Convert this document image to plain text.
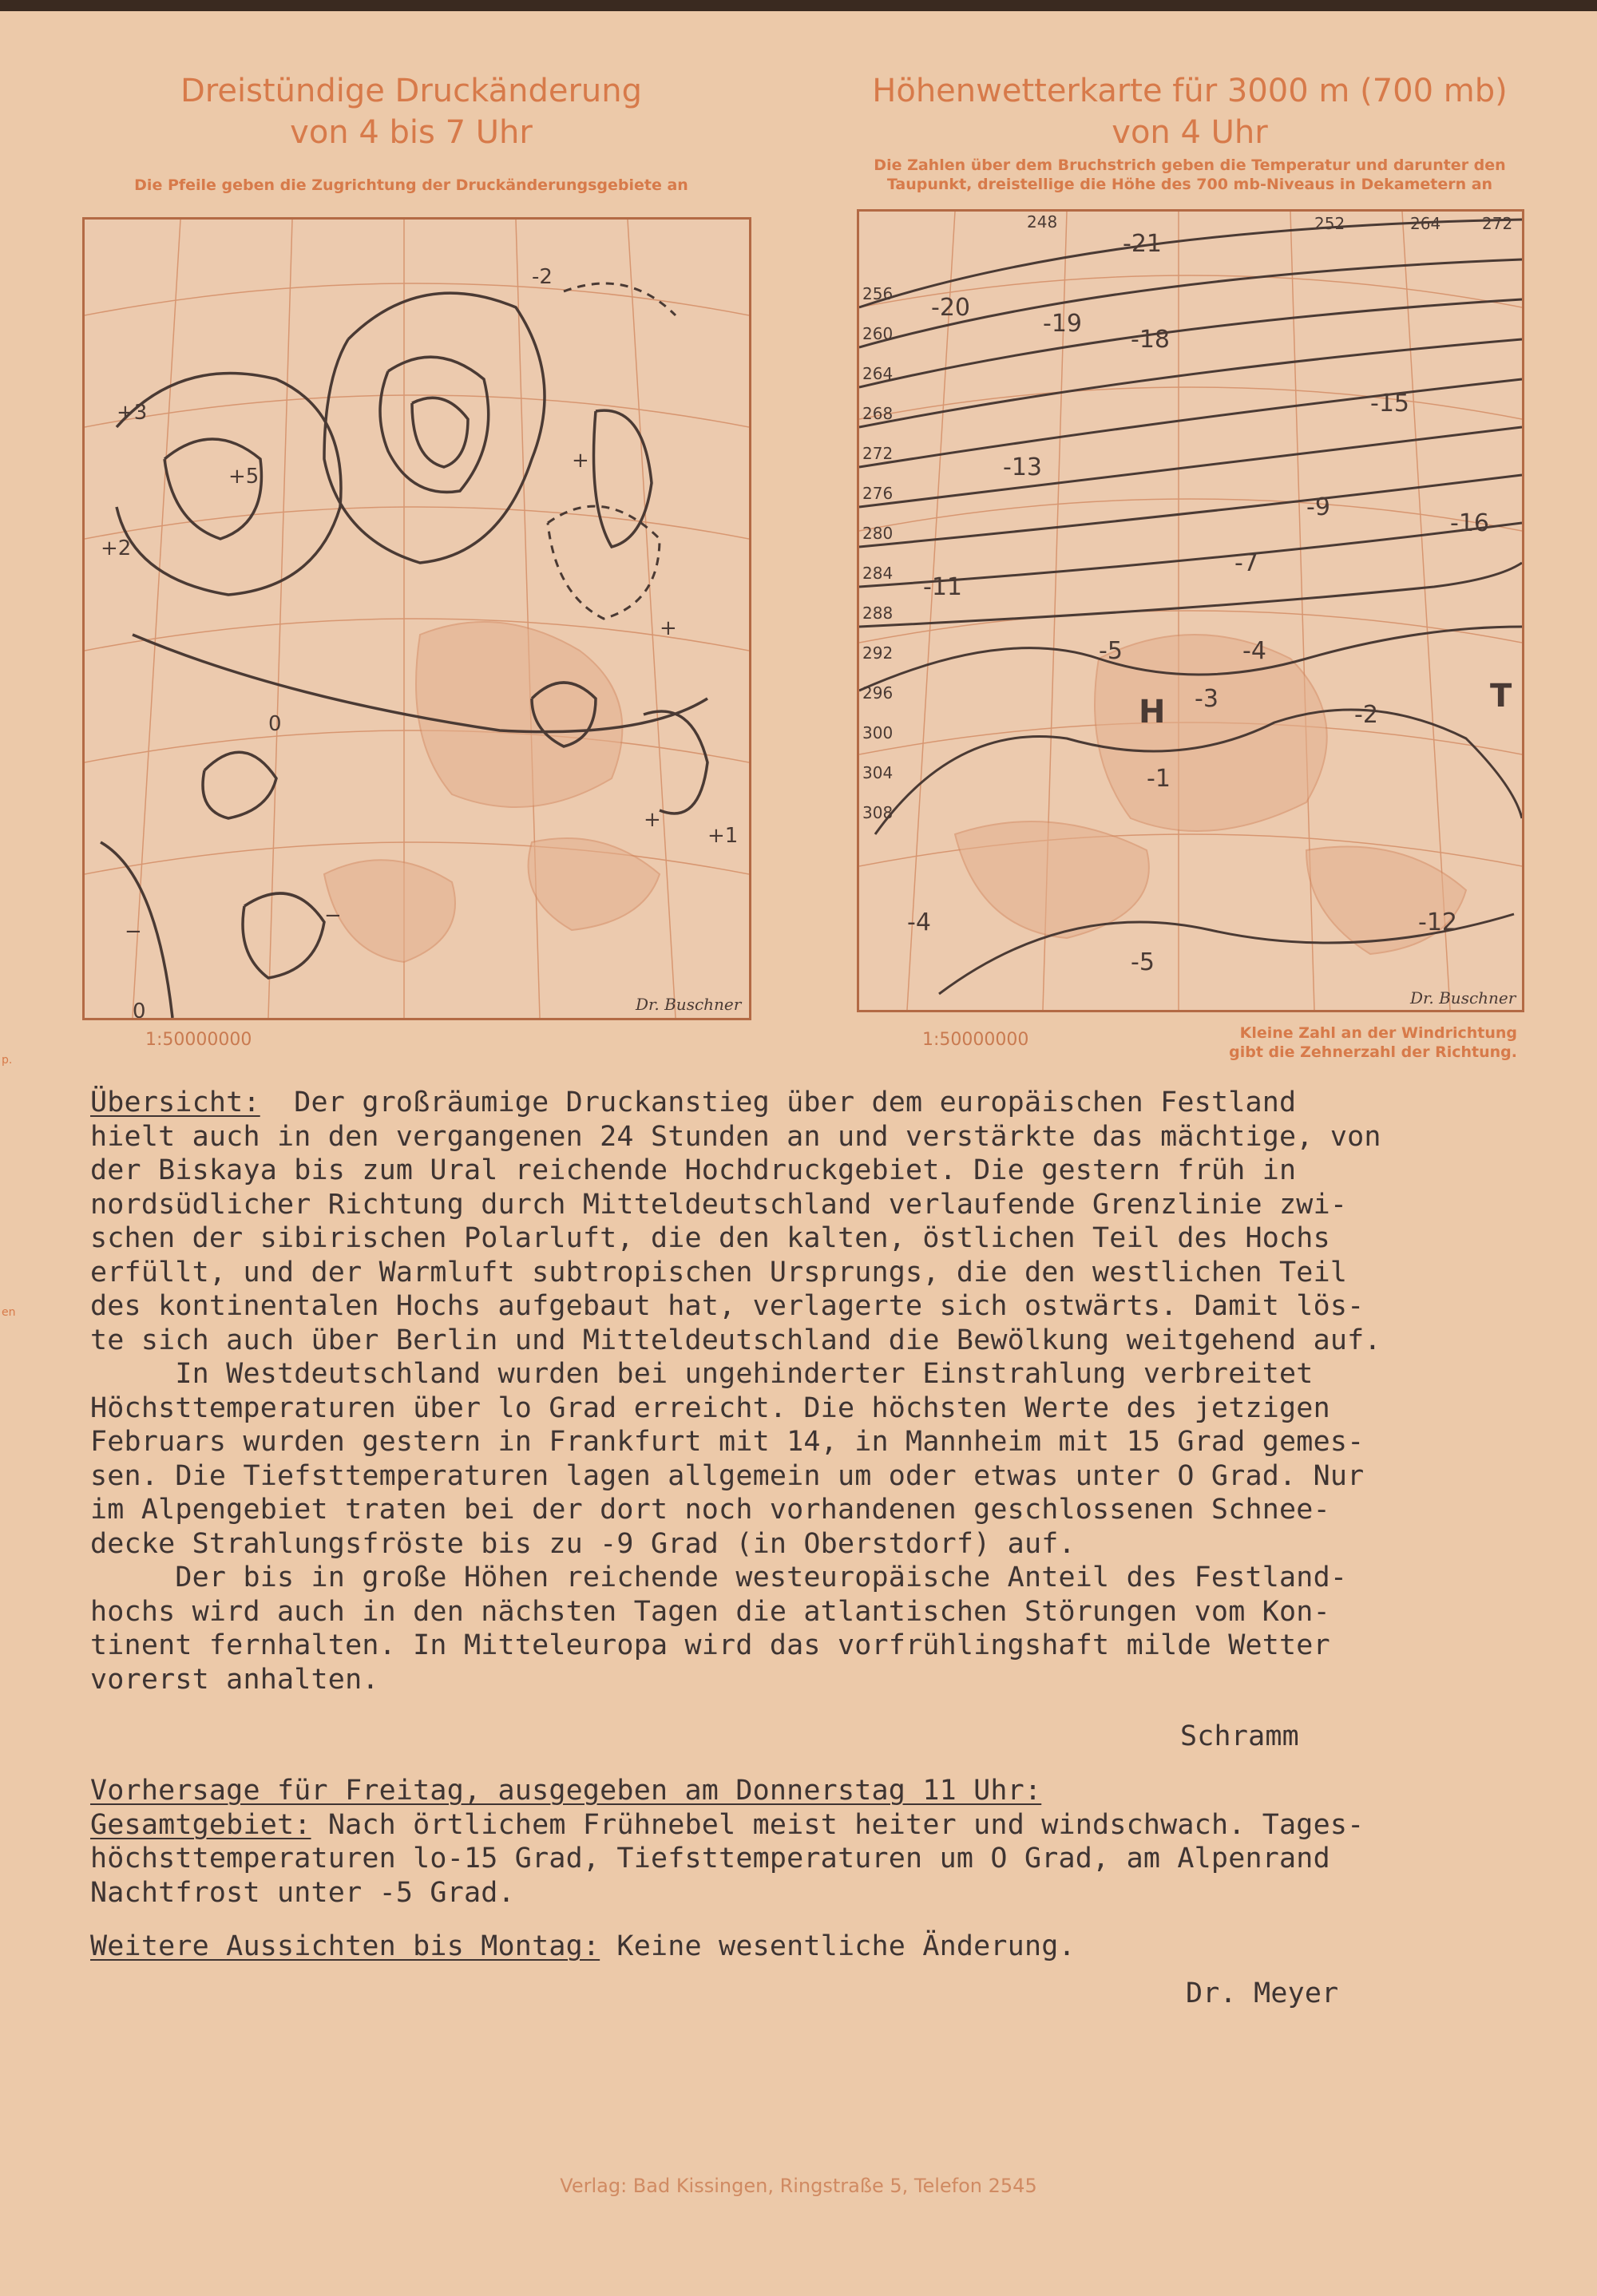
Dreistündige Druckänderung
von 4 bis 7 Uhr
Die Pfeile geben die Zugrichtung der Druckänderungsgebiete an
+3
+2
+5
-2
+
−
−
+1
0
0
+
+
Dr. Buschner
1:50000000
Höhenwetterkarte für 3000 m (700 mb)
von 4 Uhr
Die Zahlen über dem Bruchstrich geben die Temperatur und darunter den
Taupunkt, dreistellige die Höhe des 700 mb-Niveaus in Dekametern an
256
260
264
268
272
276
280
284
288
292
296
300
304
308
248	252	264	272
-21
-20
-19
-18
-15
-13
-11
-9
-7
-5	-4
-3
-2
-1
-16
-12
-4
-5
H	T
Dr. Buschner
1:50000000	Kleine Zahl an der Windrichtung
gibt die Zehnerzahl der Richtung.
p.
en
Übersicht:  Der großräumige Druckanstieg über dem europäischen Festland
hielt auch in den vergangenen 24 Stunden an und verstärkte das mächtige, von
der Biskaya bis zum Ural reichende Hochdruckgebiet. Die gestern früh in
nordsüdlicher Richtung durch Mitteldeutschland verlaufende Grenzlinie zwi-
schen der sibirischen Polarluft, die den kalten, östlichen Teil des Hochs
erfüllt, und der Warmluft subtropischen Ursprungs, die den westlichen Teil
des kontinentalen Hochs aufgebaut hat, verlagerte sich ostwärts. Damit lös-
te sich auch über Berlin und Mitteldeutschland die Bewölkung weitgehend auf.
In Westdeutschland wurden bei ungehinderter Einstrahlung verbreitet
Höchsttemperaturen über lo Grad erreicht. Die höchsten Werte des jetzigen
Februars wurden gestern in Frankfurt mit 14, in Mannheim mit 15 Grad gemes-
sen. Die Tiefsttemperaturen lagen allgemein um oder etwas unter O Grad. Nur
im Alpengebiet traten bei der dort noch vorhandenen geschlossenen Schnee-
decke Strahlungsfröste bis zu -9 Grad (in Oberstdorf) auf.
Der bis in große Höhen reichende westeuropäische Anteil des Festland-
hochs wird auch in den nächsten Tagen die atlantischen Störungen vom Kon-
tinent fernhalten. In Mitteleuropa wird das vorfrühlingshaft milde Wetter
vorerst anhalten.
Schramm
Vorhersage für Freitag, ausgegeben am Donnerstag 11 Uhr:
Gesamtgebiet: Nach örtlichem Frühnebel meist heiter und windschwach. Tages-
höchsttemperaturen lo-15 Grad, Tiefsttemperaturen um O Grad, am Alpenrand
Nachtfrost unter -5 Grad.
Weitere Aussichten bis Montag: Keine wesentliche Änderung.
Dr. Meyer
Verlag: Bad Kissingen, Ringstraße 5, Telefon 2545
